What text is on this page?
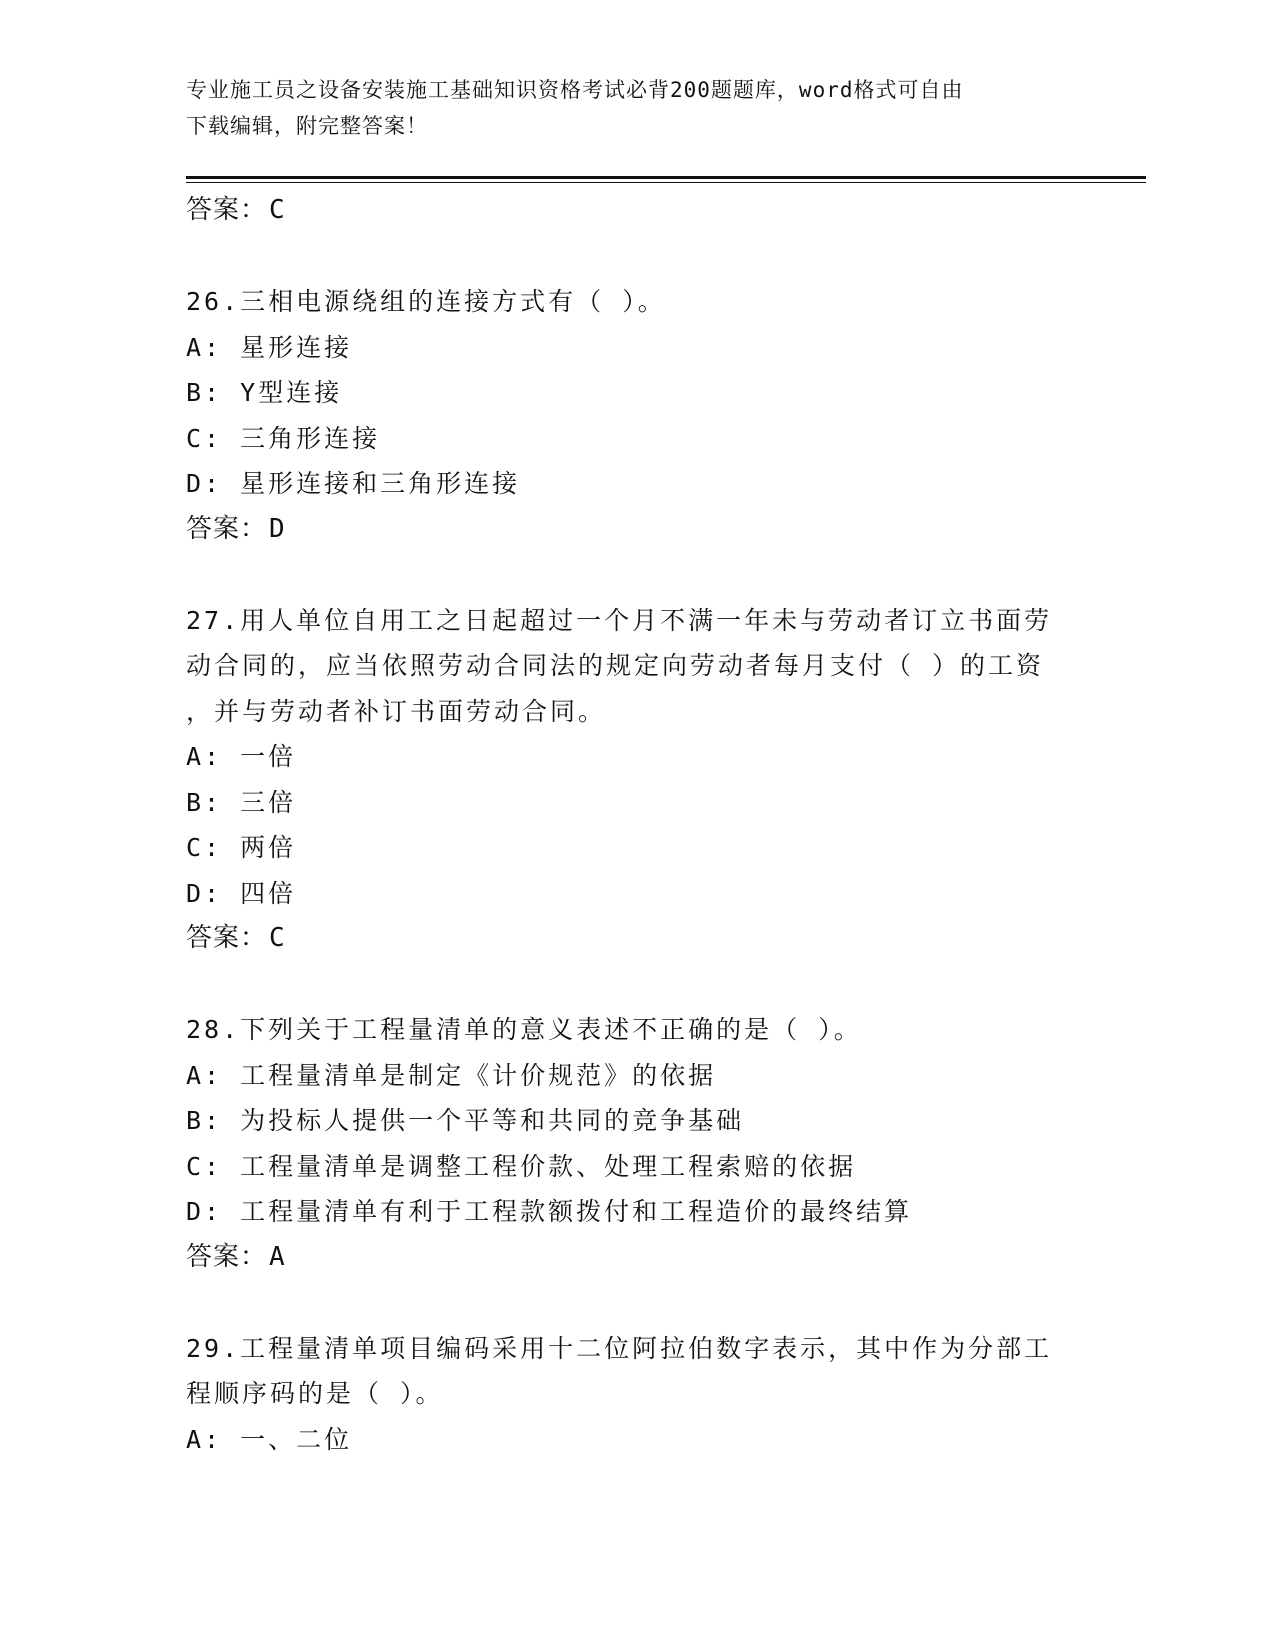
专业施工员之设备安装施工基础知识资格考试必背200题题库，word格式可自由
下载编辑，附完整答案！
答案：C
26.三相电源绕组的连接方式有（ ）。
A: 星形连接
B: Y型连接
C: 三角形连接
D: 星形连接和三角形连接
答案：D
27.用人单位自用工之日起超过一个月不满一年未与劳动者订立书面劳
动合同的，应当依照劳动合同法的规定向劳动者每月支付（ ）的工资
，并与劳动者补订书面劳动合同。
A: 一倍
B: 三倍
C: 两倍
D: 四倍
答案：C
28.下列关于工程量清单的意义表述不正确的是（ ）。
A: 工程量清单是制定《计价规范》的依据
B: 为投标人提供一个平等和共同的竞争基础
C: 工程量清单是调整工程价款、处理工程索赔的依据
D: 工程量清单有利于工程款额拨付和工程造价的最终结算
答案：A
29.工程量清单项目编码采用十二位阿拉伯数字表示，其中作为分部工
程顺序码的是（ ）。
A: 一、二位
